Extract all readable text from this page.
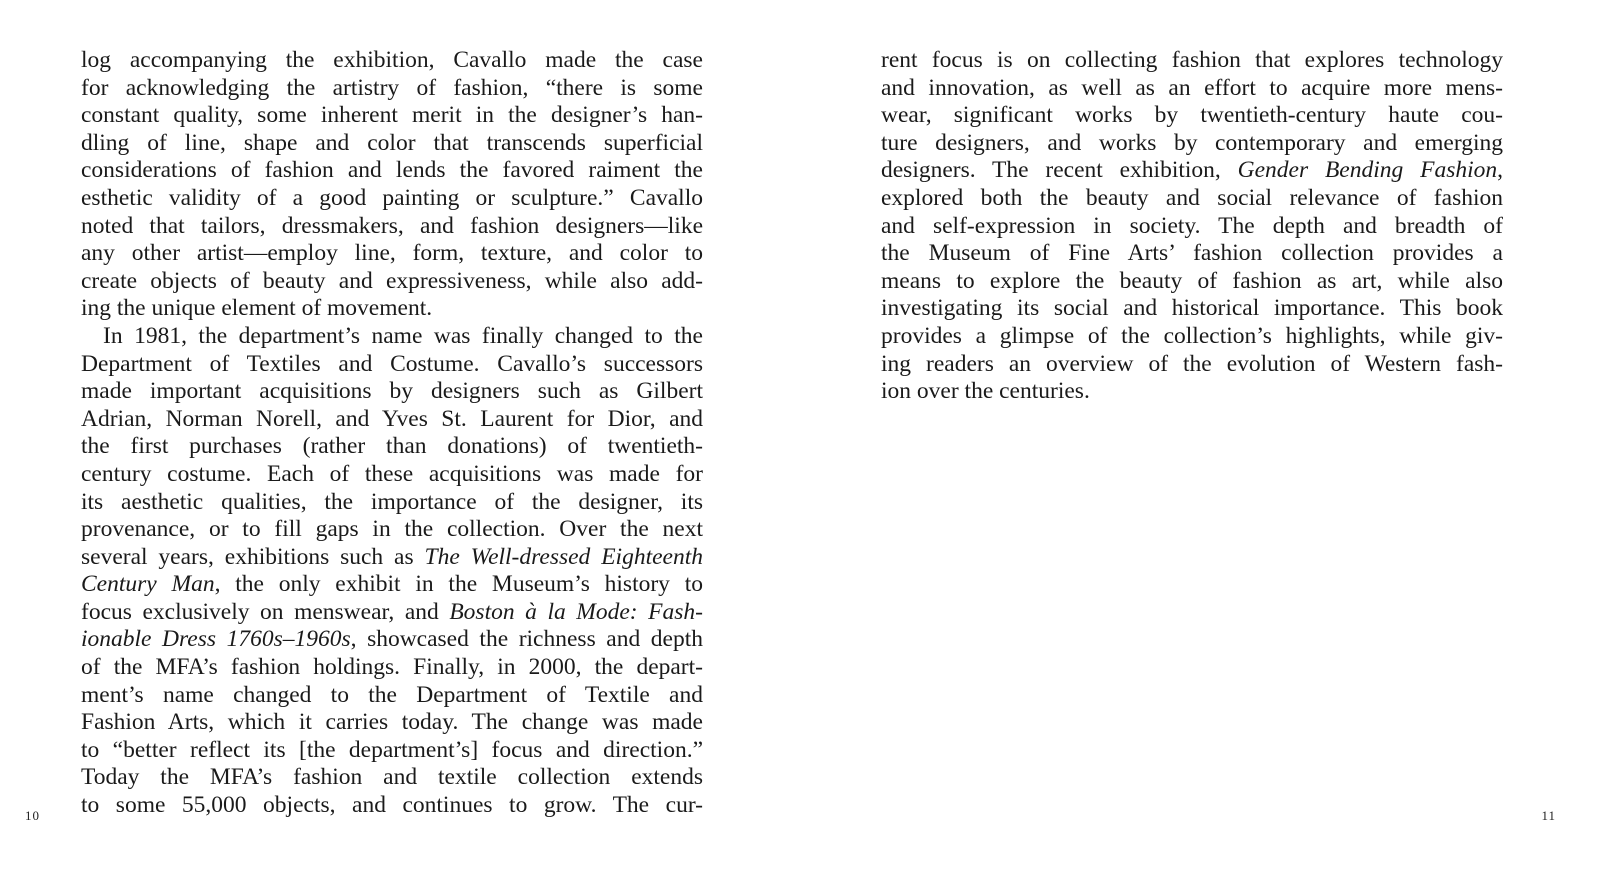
log accompanying the exhibition, Cavallo made the case
for acknowledging the artistry of fashion, “there is some
constant quality, some inherent merit in the designer’s han-
dling of line, shape and color that transcends superficial
considerations of fashion and lends the favored raiment the
esthetic validity of a good painting or sculpture.” Cavallo
noted that tailors, dressmakers, and fashion designers—like
any other artist—employ line, form, texture, and color to
create objects of beauty and expressiveness, while also add-
ing the unique element of movement.
In 1981, the department’s name was finally changed to the
Department of Textiles and Costume. Cavallo’s successors
made important acquisitions by designers such as Gilbert
Adrian, Norman Norell, and Yves St. Laurent for Dior, and
the first purchases (rather than donations) of twentieth-
century costume. Each of these acquisitions was made for
its aesthetic qualities, the importance of the designer, its
provenance, or to fill gaps in the collection. Over the next
several years, exhibitions such as The Well-dressed Eighteenth
Century Man, the only exhibit in the Museum’s history to
focus exclusively on menswear, and Boston à la Mode: Fash-
ionable Dress 1760s–1960s, showcased the richness and depth
of the MFA’s fashion holdings. Finally, in 2000, the depart-
ment’s name changed to the Department of Textile and
Fashion Arts, which it carries today. The change was made
to “better reflect its [the department’s] focus and direction.”
Today the MFA’s fashion and textile collection extends
to some 55,000 objects, and continues to grow. The cur-
10
rent focus is on collecting fashion that explores technology
and innovation, as well as an effort to acquire more mens-
wear, significant works by twentieth-century haute cou-
ture designers, and works by contemporary and emerging
designers. The recent exhibition, Gender Bending Fashion,
explored both the beauty and social relevance of fashion
and self-expression in society. The depth and breadth of
the Museum of Fine Arts’ fashion collection provides a
means to explore the beauty of fashion as art, while also
investigating its social and historical importance. This book
provides a glimpse of the collection’s highlights, while giv-
ing readers an overview of the evolution of Western fash-
ion over the centuries.
11
